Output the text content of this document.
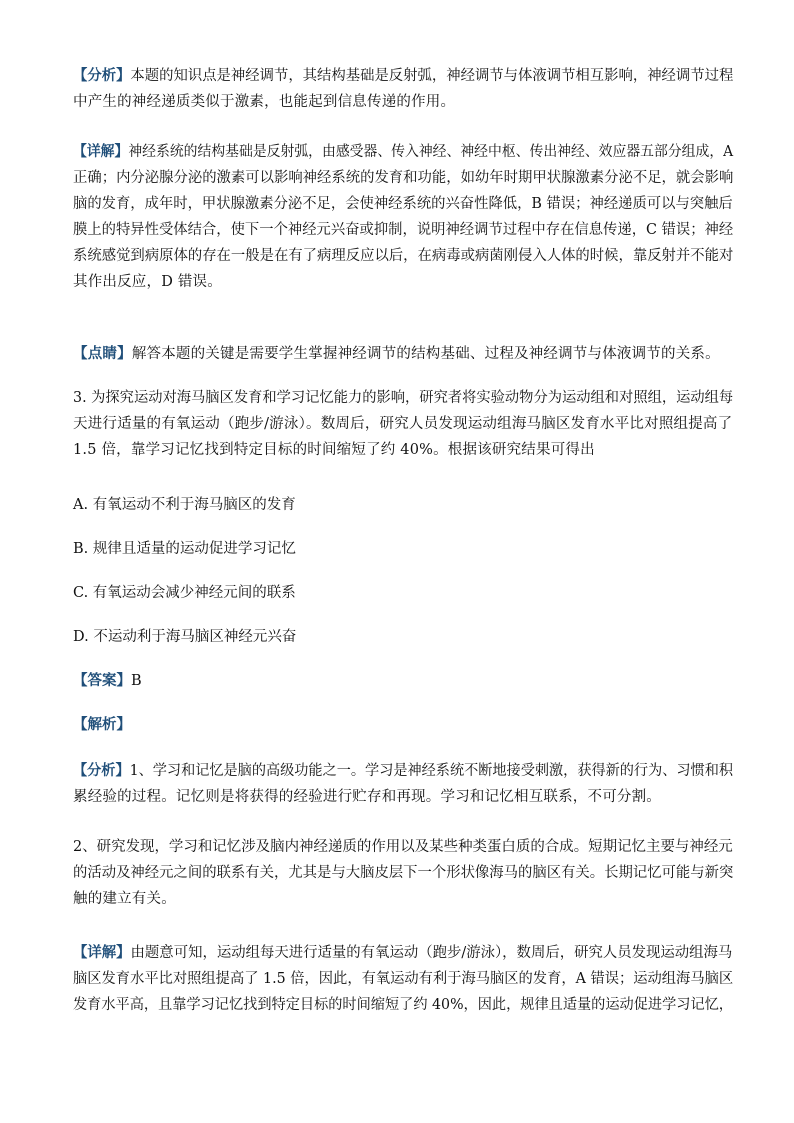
【分析】本题的知识点是神经调节，其结构基础是反射弧，神经调节与体液调节相互影响，神经调节过程
中产生的神经递质类似于激素，也能起到信息传递的作用。
【详解】神经系统的结构基础是反射弧，由感受器、传入神经、神经中枢、传出神经、效应器五部分组成，A
正确；内分泌腺分泌的激素可以影响神经系统的发育和功能，如幼年时期甲状腺激素分泌不足，就会影响
脑的发育，成年时，甲状腺激素分泌不足，会使神经系统的兴奋性降低，B 错误；神经递质可以与突触后
膜上的特异性受体结合，使下一个神经元兴奋或抑制，说明神经调节过程中存在信息传递，C 错误；神经
系统感觉到病原体的存在一般是在有了病理反应以后，在病毒或病菌刚侵入人体的时候，靠反射并不能对
其作出反应，D 错误。
【点睛】解答本题的关键是需要学生掌握神经调节的结构基础、过程及神经调节与体液调节的关系。
3. 为探究运动对海马脑区发育和学习记忆能力的影响，研究者将实验动物分为运动组和对照组，运动组每
天进行适量的有氧运动（跑步/游泳）。数周后，研究人员发现运动组海马脑区发育水平比对照组提高了
1.5 倍，靠学习记忆找到特定目标的时间缩短了约 40%。根据该研究结果可得出
A. 有氧运动不利于海马脑区的发育
B. 规律且适量的运动促进学习记忆
C. 有氧运动会减少神经元间的联系
D. 不运动利于海马脑区神经元兴奋
【答案】B
【解析】
【分析】1、学习和记忆是脑的高级功能之一。学习是神经系统不断地接受刺激，获得新的行为、习惯和积
累经验的过程。记忆则是将获得的经验进行贮存和再现。学习和记忆相互联系，不可分割。
2、研究发现，学习和记忆涉及脑内神经递质的作用以及某些种类蛋白质的合成。短期记忆主要与神经元
的活动及神经元之间的联系有关，尤其是与大脑皮层下一个形状像海马的脑区有关。长期记忆可能与新突
触的建立有关。
【详解】由题意可知，运动组每天进行适量的有氧运动（跑步/游泳），数周后，研究人员发现运动组海马
脑区发育水平比对照组提高了 1.5 倍，因此，有氧运动有利于海马脑区的发育，A 错误；运动组海马脑区
发育水平高，且靠学习记忆找到特定目标的时间缩短了约 40%，因此，规律且适量的运动促进学习记忆，
